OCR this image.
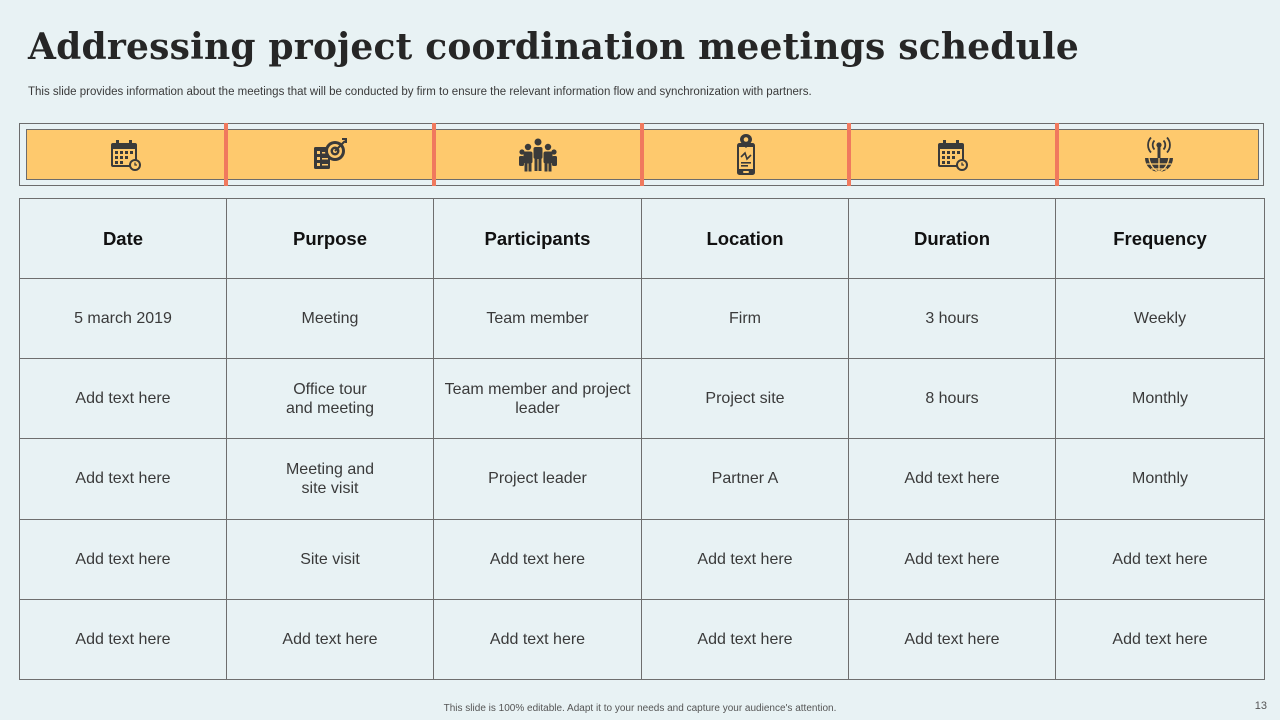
Addressing project coordination meetings schedule
This slide provides information about the meetings that will be conducted by firm to ensure the relevant information flow and synchronization with partners.
Date	Purpose	Participants	Location	Duration	Frequency
5 march 2019	Meeting	Team member	Firm	3 hours	Weekly
Add text here	Office tour
and meeting	Team member and project leader	Project site	8 hours	Monthly
Add text here	Meeting and
site visit	Project leader	Partner A	Add text here	Monthly
Add text here	Site visit	Add text here	Add text here	Add text here	Add text here
Add text here	Add text here	Add text here	Add text here	Add text here	Add text here
This slide is 100% editable. Adapt it to your needs and capture your audience's attention.	13
